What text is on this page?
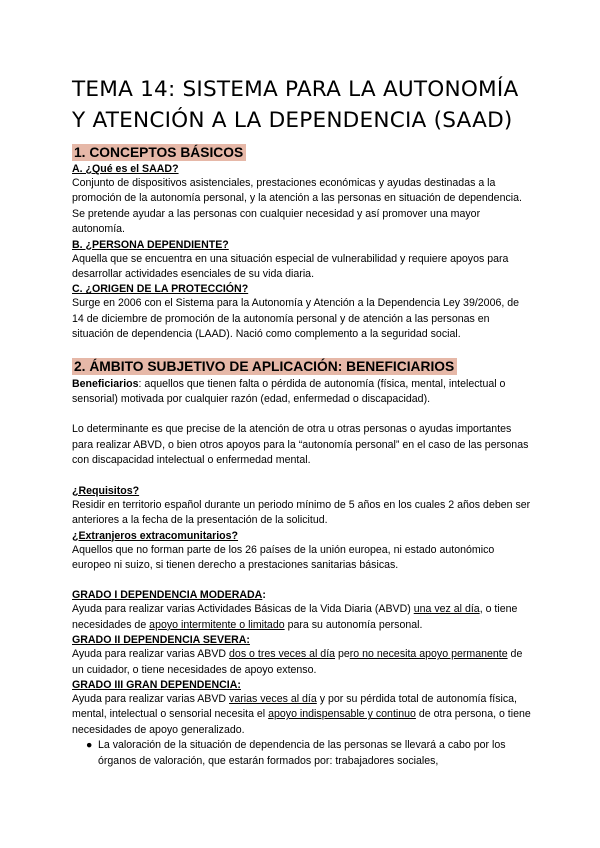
TEMA 14: SISTEMA PARA LA AUTONOMÍA
Y ATENCIÓN A LA DEPENDENCIA (SAAD)
1. CONCEPTOS BÁSICOS
A. ¿Qué es el SAAD?

Conjunto de dispositivos asistenciales, prestaciones económicas y ayudas destinadas a la promoción de la autonomía personal, y la atención a las personas en situación de dependencia. Se pretende ayudar a las personas con cualquier necesidad y así promover una mayor autonomía.

B. ¿PERSONA DEPENDIENTE?

Aquella que se encuentra en una situación especial de vulnerabilidad y requiere apoyos para desarrollar actividades esenciales de su vida diaria.

C. ¿ORIGEN DE LA PROTECCIÓN?

Surge en 2006 con el Sistema para la Autonomía y Atención a la Dependencia Ley 39/2006, de 14 de diciembre de promoción de la autonomía personal y de atención a las personas en situación de dependencia (LAAD). Nació como complemento a la seguridad social.

2. ÁMBITO SUBJETIVO DE APLICACIÓN: BENEFICIARIOS

Beneficiarios: aquellos que tienen falta o pérdida de autonomía (física, mental, intelectual o sensorial) motivada por cualquier razón (edad, enfermedad o discapacidad).

Lo determinante es que precise de la atención de otra u otras personas o ayudas importantes para realizar ABVD, o bien otros apoyos para la “autonomía personal” en el caso de las personas con discapacidad intelectual o enfermedad mental.

¿Requisitos?

Residir en territorio español durante un periodo mínimo de 5 años en los cuales 2 años deben ser anteriores a la fecha de la presentación de la solicitud.

¿Extranjeros extracomunitarios?

Aquellos que no forman parte de los 26 países de la unión europea, ni estado autonómico europeo ni suizo, si tienen derecho a prestaciones sanitarias básicas.

GRADO I DEPENDENCIA MODERADA:

Ayuda para realizar varias Actividades Básicas de la Vida Diaria (ABVD) una vez al día, o tiene necesidades de apoyo intermitente o limitado para su autonomía personal.

GRADO II DEPENDENCIA SEVERA:

Ayuda para realizar varias ABVD dos o tres veces al día pero no necesita apoyo permanente de un cuidador, o tiene necesidades de apoyo extenso.

GRADO III GRAN DEPENDENCIA:

Ayuda para realizar varias ABVD varias veces al día y por su pérdida total de autonomía física, mental, intelectual o sensorial necesita el apoyo indispensable y continuo de otra persona, o tiene necesidades de apoyo generalizado.

● La valoración de la situación de dependencia de las personas se llevará a cabo por los órganos de valoración, que estarán formados por: trabajadores sociales,
